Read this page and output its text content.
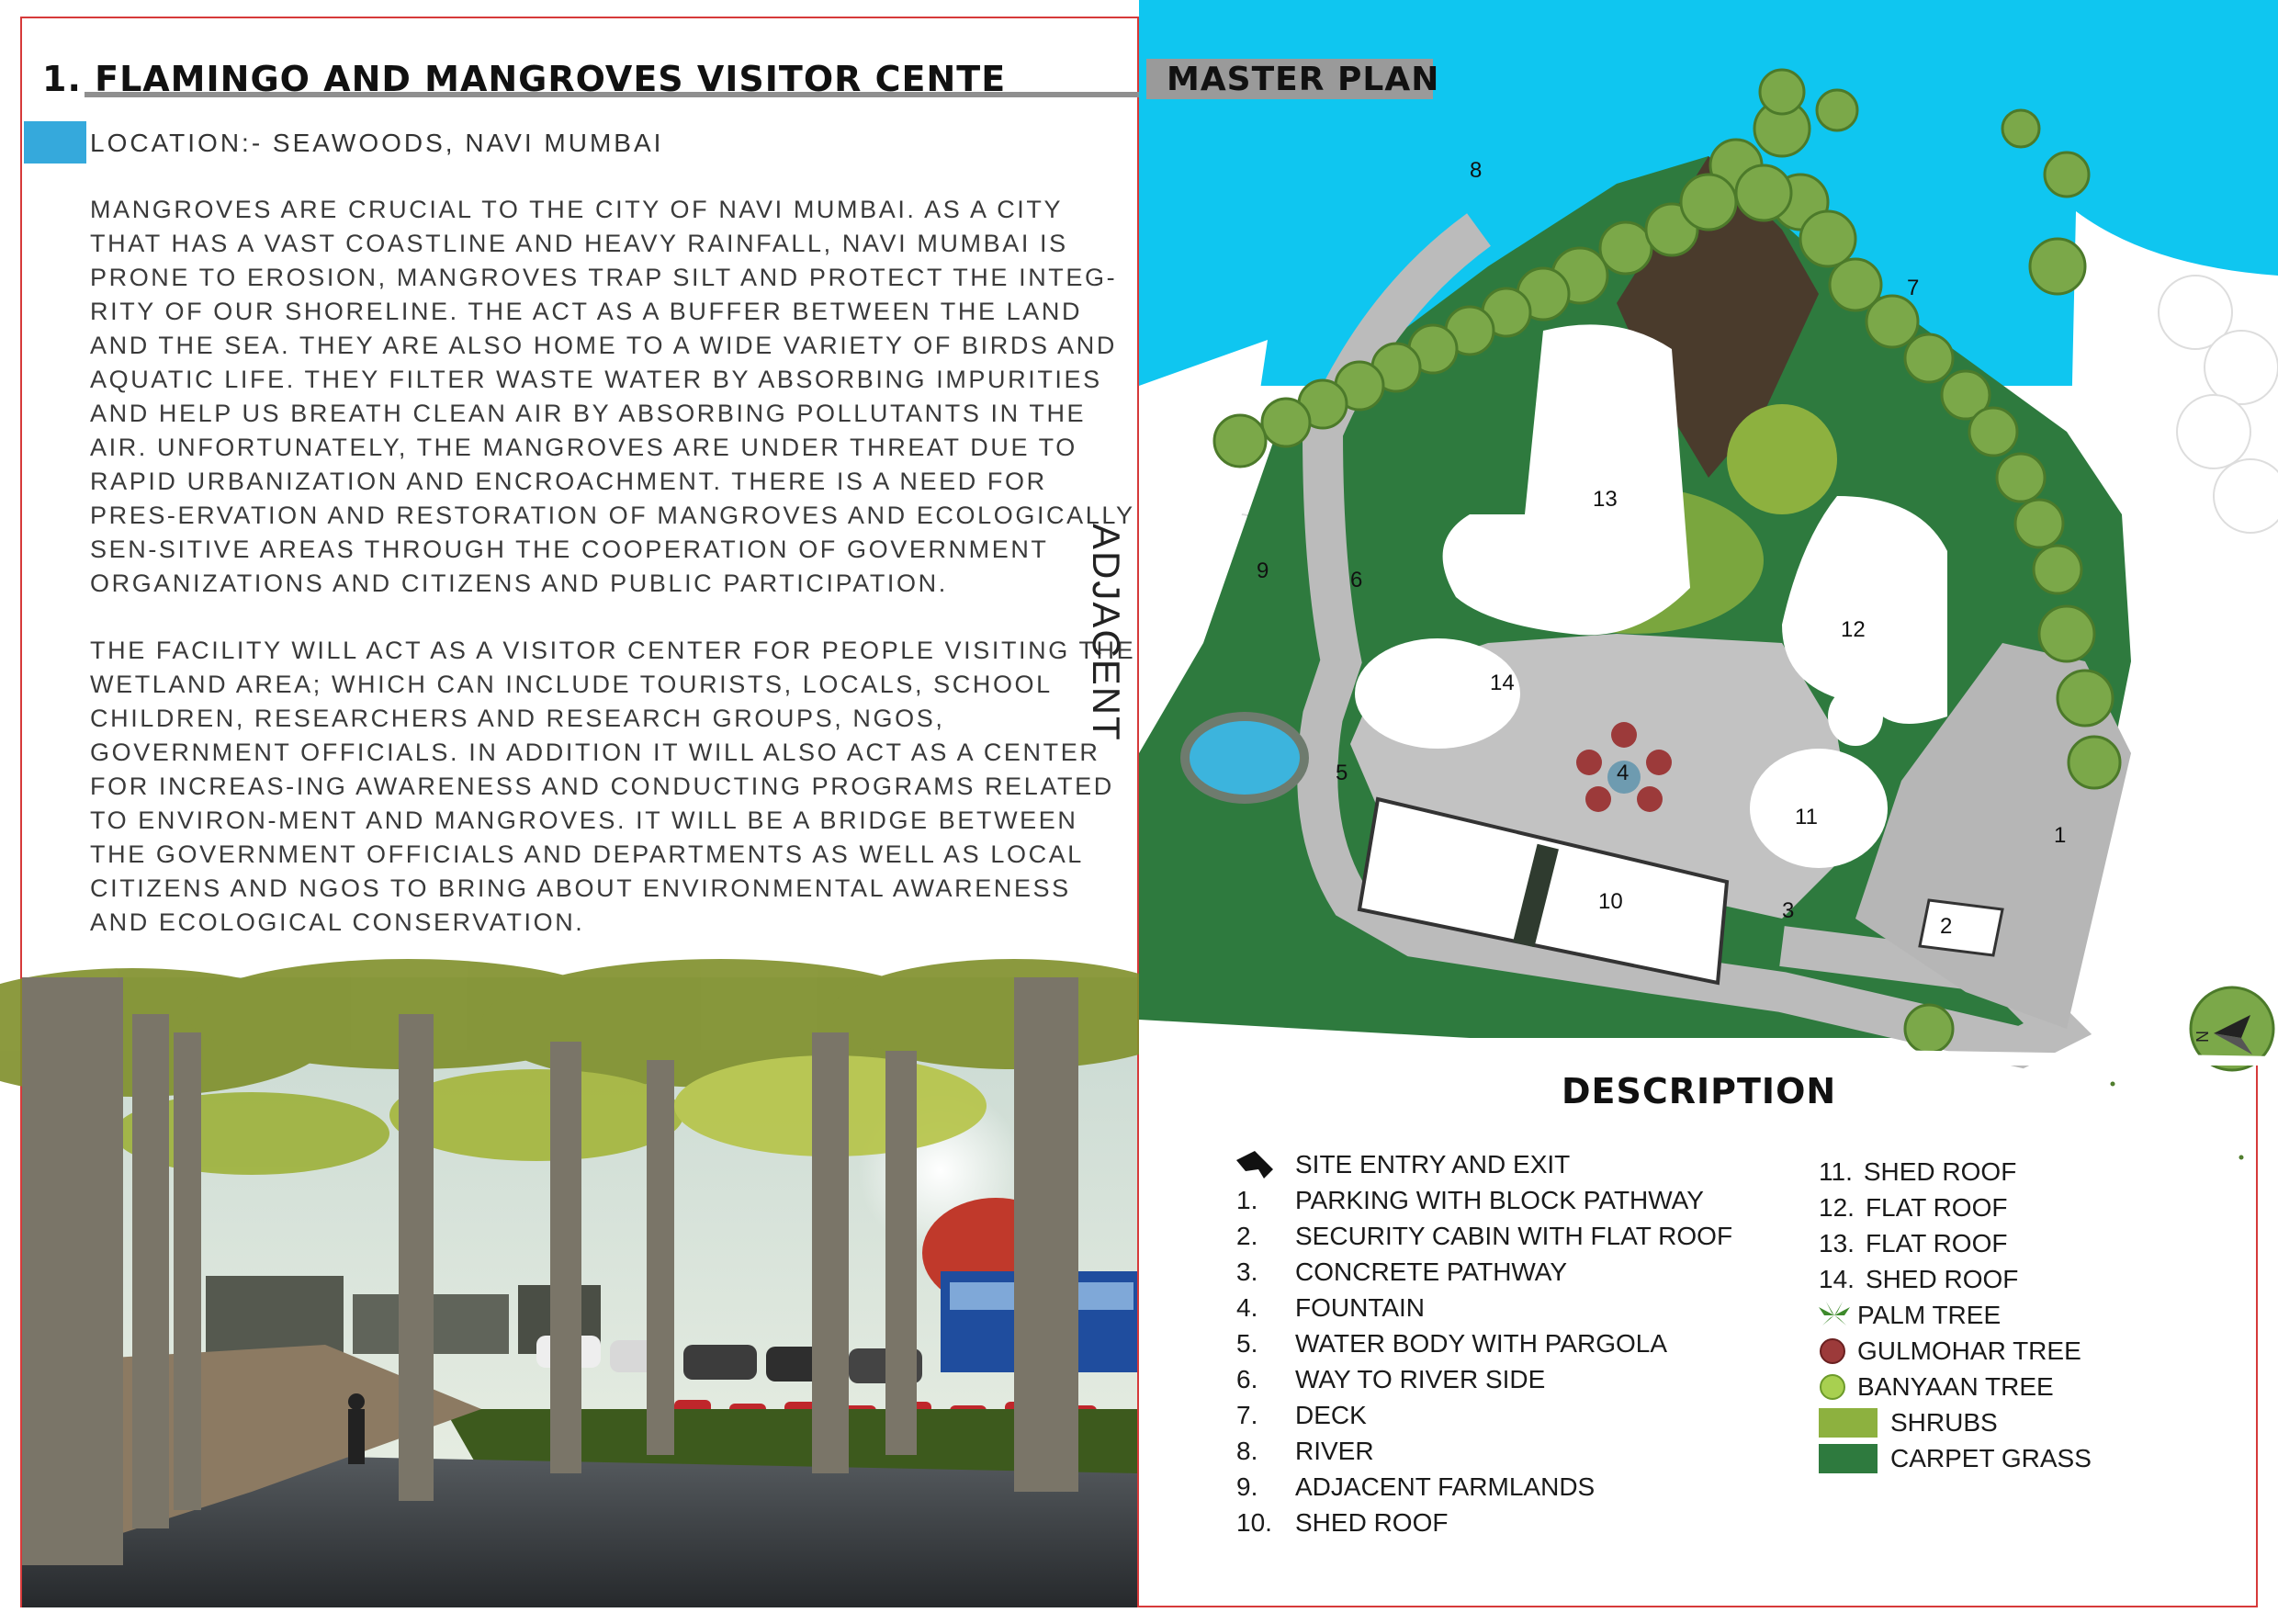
1. FLAMINGO AND MANGROVES VISITOR CENTE
LOCATION:- SEAWOODS, NAVI MUMBAI

MANGROVES ARE CRUCIAL TO THE CITY OF NAVI MUMBAI. AS A CITY THAT HAS A VAST COASTLINE AND HEAVY RAINFALL, NAVI MUMBAI IS PRONE TO EROSION, MANGROVES TRAP SILT AND PROTECT THE INTEG-RITY OF OUR SHORELINE. THE ACT AS A BUFFER BETWEEN THE LAND AND THE SEA. THEY ARE ALSO HOME TO A WIDE VARIETY OF BIRDS AND AQUATIC LIFE. THEY FILTER WASTE WATER BY ABSORBING IMPURITIES AND HELP US BREATH CLEAN AIR BY ABSORBING POLLUTANTS IN THE AIR. UNFORTUNATELY, THE MANGROVES ARE UNDER THREAT DUE TO RAPID URBANIZATION AND ENCROACHMENT. THERE IS A NEED FOR PRES-ERVATION AND RESTORATION OF MANGROVES AND ECOLOGICALLY SEN-SITIVE AREAS THROUGH THE COOPERATION OF GOVERNMENT ORGANIZATIONS AND CITIZENS AND PUBLIC PARTICIPATION.

THE FACILITY WILL ACT AS A VISITOR CENTER FOR PEOPLE VISITING THE WETLAND AREA; WHICH CAN INCLUDE TOURISTS, LOCALS, SCHOOL CHILDREN, RESEARCHERS AND RESEARCH GROUPS, NGOS, GOVERNMENT OFFICIALS. IN ADDITION IT WILL ALSO ACT AS A CENTER FOR INCREAS-ING AWARENESS AND CONDUCTING PROGRAMS RELATED TO ENVIRON-MENT AND MANGROVES. IT WILL BE A BRIDGE BETWEEN THE GOVERNMENT OFFICIALS AND DEPARTMENTS AS WELL AS LOCAL CITIZENS AND NGOS TO BRING ABOUT ENVIRONMENTAL AWARENESS AND ECOLOGICAL CONSERVATION.

1
2
3
4
5
6
7
8
9
10
11
12
13
14
ADJACENT
N
MASTER PLAN
DESCRIPTION
SITE ENTRY AND EXIT
1.	PARKING WITH BLOCK PATHWAY
2.	SECURITY CABIN WITH FLAT ROOF
3.	CONCRETE PATHWAY
4.	FOUNTAIN
5.	WATER BODY WITH PARGOLA
6.	WAY TO RIVER SIDE
7.	DECK
8.	RIVER
9.	ADJACENT FARMLANDS
10. SHED ROOF
11. SHED ROOF
12. FLAT ROOF
13. FLAT ROOF
14. SHED ROOF
PALM TREE
GULMOHAR TREE
BANYAAN TREE
SHRUBS
CARPET GRASS
